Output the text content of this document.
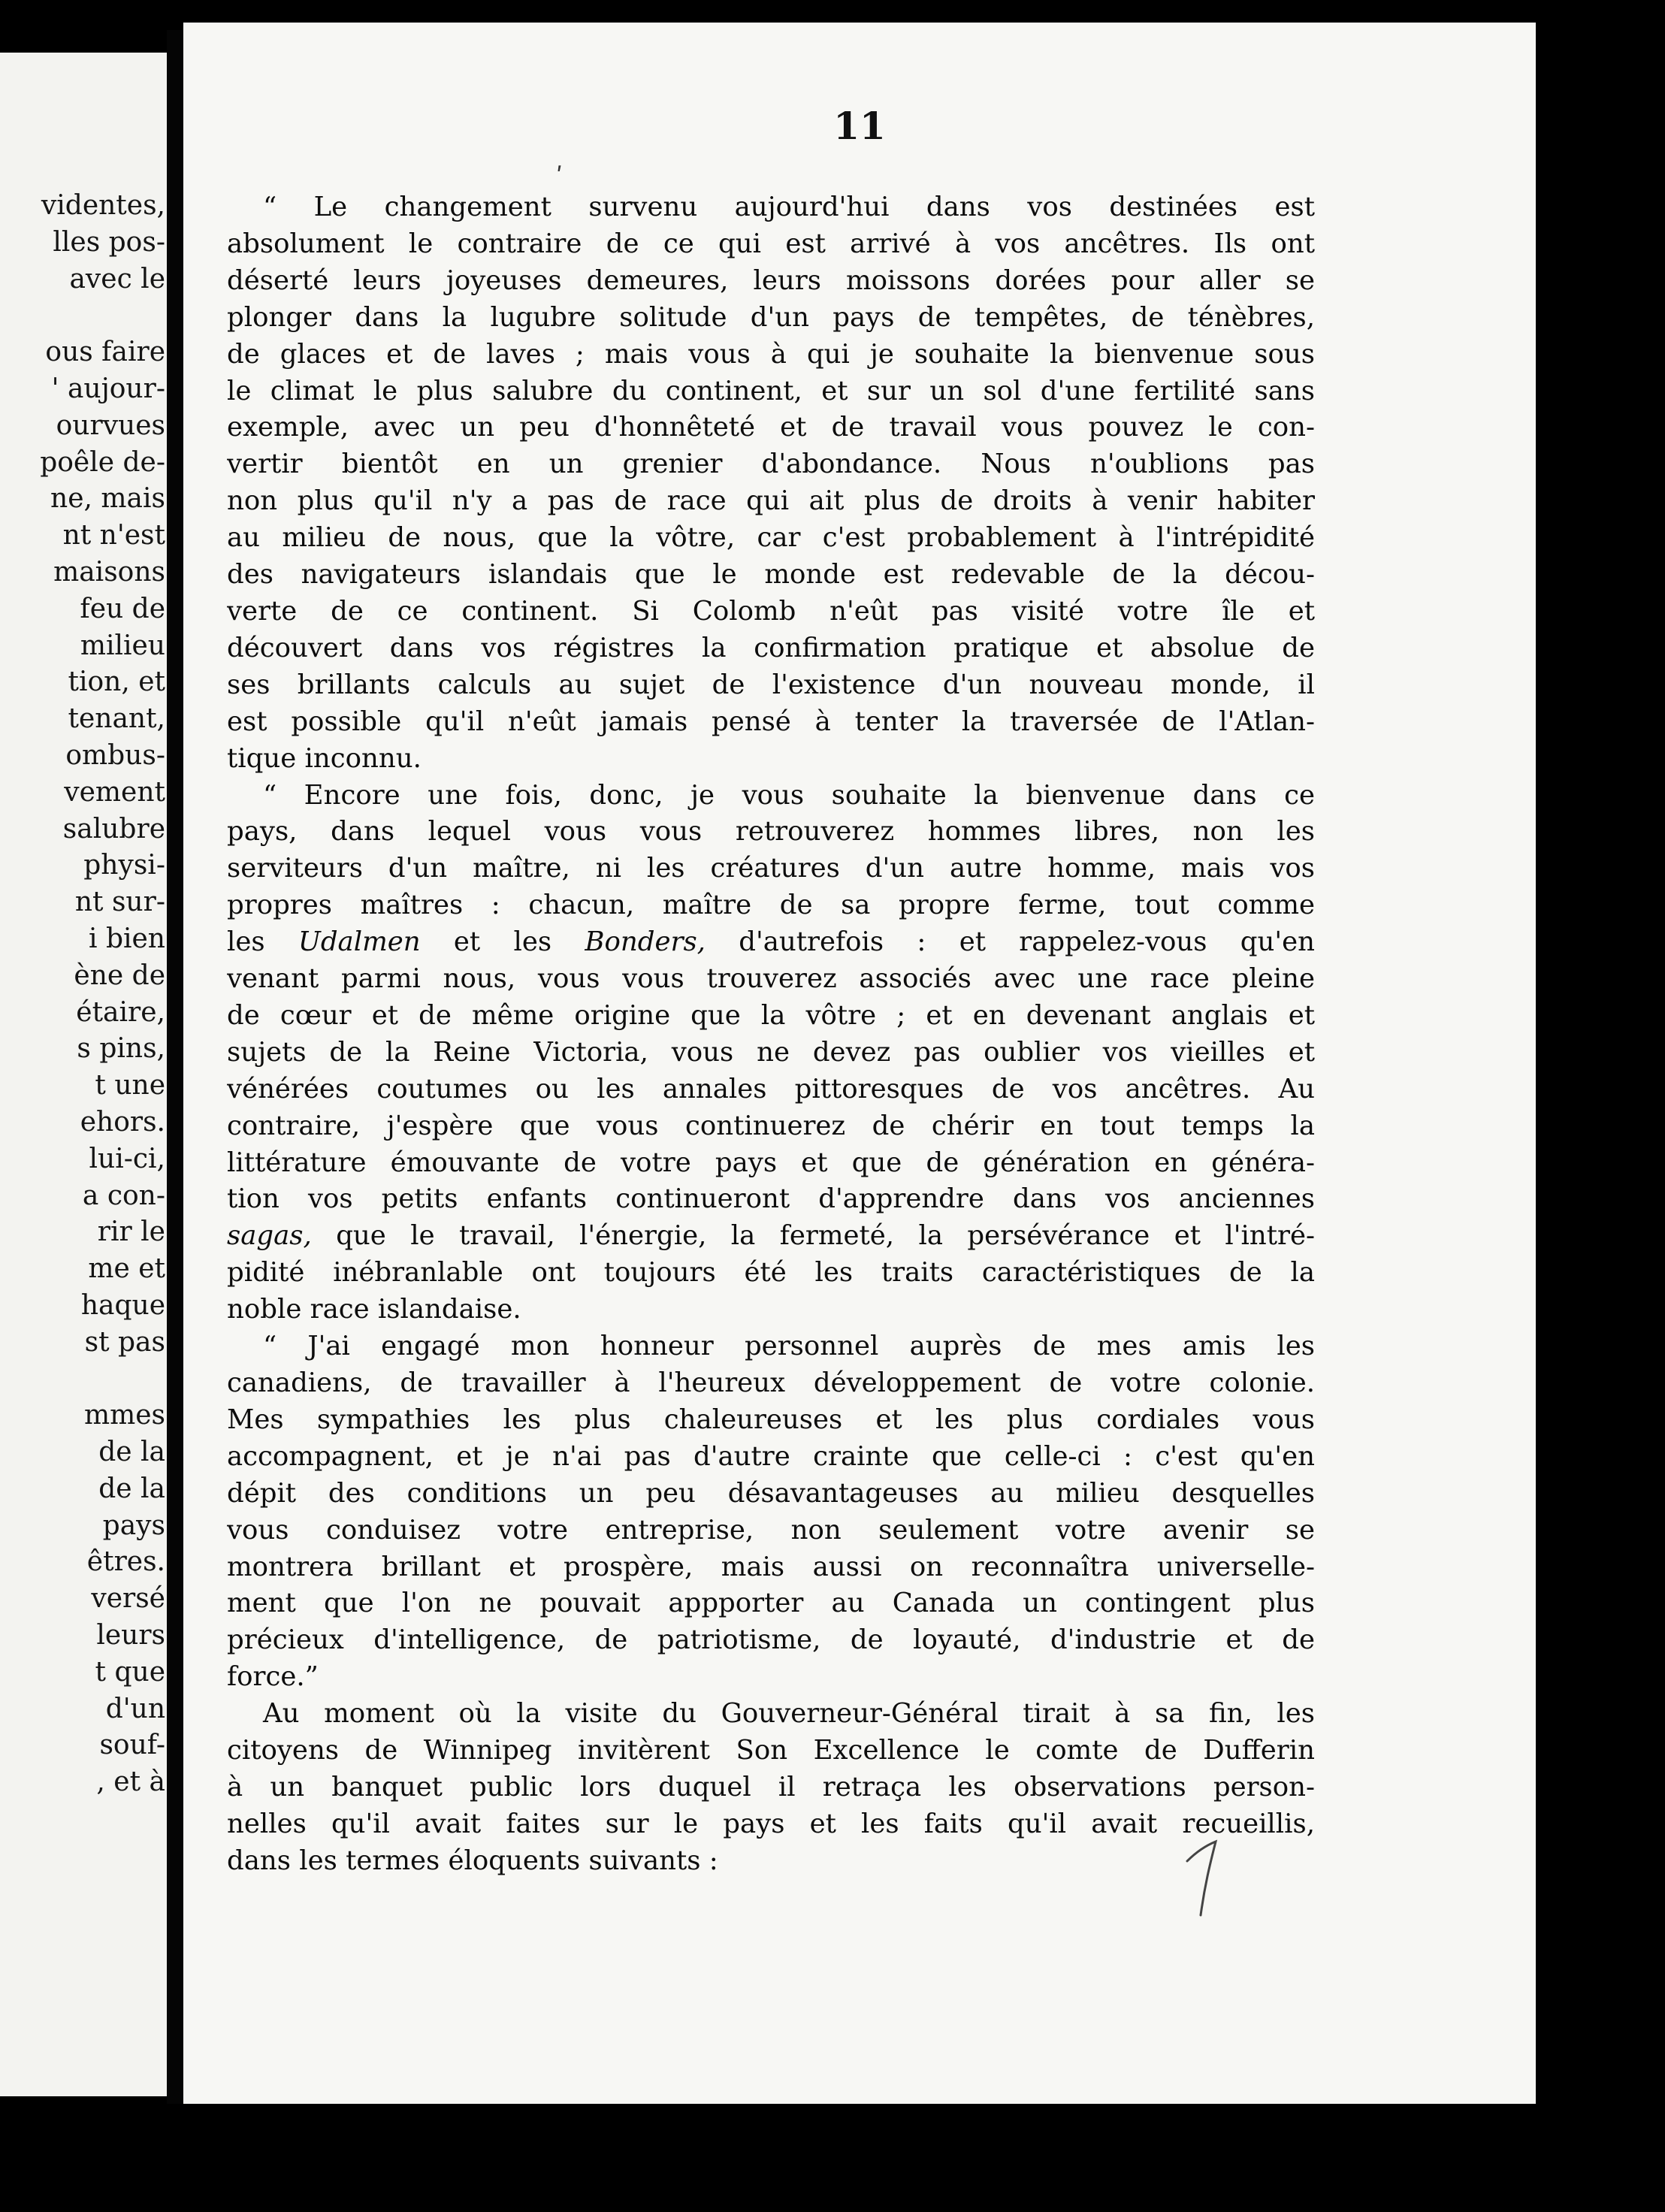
videntes,
lles pos-
avec le
ous faire
' aujour-
ourvues
poêle de-
ne, mais
nt n'est
maisons
feu de
milieu
tion, et
tenant,
ombus-
vement
salubre
physi-
nt sur-
i bien
ène de
étaire,
s pins,
t une
ehors.
lui-ci,
a con-
rir le
me et
haque
st pas
mmes
de la
de la
pays
êtres.
versé
leurs
t que
d'un
souf-
, et à
11
ʹ
“ Le changement survenu aujourd'hui dans vos destinées est
absolument le contraire de ce qui est arrivé à vos ancêtres. Ils ont
déserté leurs joyeuses demeures, leurs moissons dorées pour aller se
plonger dans la lugubre solitude d'un pays de tempêtes, de ténèbres,
de glaces et de laves ; mais vous à qui je souhaite la bienvenue sous
le climat le plus salubre du continent, et sur un sol d'une fertilité sans
exemple, avec un peu d'honnêteté et de travail vous pouvez le con-
vertir bientôt en un grenier d'abondance. Nous n'oublions pas
non plus qu'il n'y a pas de race qui ait plus de droits à venir habiter
au milieu de nous, que la vôtre, car c'est probablement à l'intrépidité
des navigateurs islandais que le monde est redevable de la décou-
verte de ce continent. Si Colomb n'eût pas visité votre île et
découvert dans vos régistres la confirmation pratique et absolue de
ses brillants calculs au sujet de l'existence d'un nouveau monde, il
est possible qu'il n'eût jamais pensé à tenter la traversée de l'Atlan-
tique inconnu.
“ Encore une fois, donc, je vous souhaite la bienvenue dans ce
pays, dans lequel vous vous retrouverez hommes libres, non les
serviteurs d'un maître, ni les créatures d'un autre homme, mais vos
propres maîtres : chacun, maître de sa propre ferme, tout comme
les Udalmen et les Bonders, d'autrefois : et rappelez-vous qu'en
venant parmi nous, vous vous trouverez associés avec une race pleine
de cœur et de même origine que la vôtre ; et en devenant anglais et
sujets de la Reine Victoria, vous ne devez pas oublier vos vieilles et
vénérées coutumes ou les annales pittoresques de vos ancêtres. Au
contraire, j'espère que vous continuerez de chérir en tout temps la
littérature émouvante de votre pays et que de génération en généra-
tion vos petits enfants continueront d'apprendre dans vos anciennes
sagas, que le travail, l'énergie, la fermeté, la persévérance et l'intré-
pidité inébranlable ont toujours été les traits caractéristiques de la
noble race islandaise.
“ J'ai engagé mon honneur personnel auprès de mes amis les
canadiens, de travailler à l'heureux développement de votre colonie.
Mes sympathies les plus chaleureuses et les plus cordiales vous
accompagnent, et je n'ai pas d'autre crainte que celle-ci : c'est qu'en
dépit des conditions un peu désavantageuses au milieu desquelles
vous conduisez votre entreprise, non seulement votre avenir se
montrera brillant et prospère, mais aussi on reconnaîtra universelle-
ment que l'on ne pouvait appporter au Canada un contingent plus
précieux d'intelligence, de patriotisme, de loyauté, d'industrie et de
force.”
Au moment où la visite du Gouverneur-Général tirait à sa fin, les
citoyens de Winnipeg invitèrent Son Excellence le comte de Dufferin
à un banquet public lors duquel il retraça les observations person-
nelles qu'il avait faites sur le pays et les faits qu'il avait recueillis,
dans les termes éloquents suivants :
